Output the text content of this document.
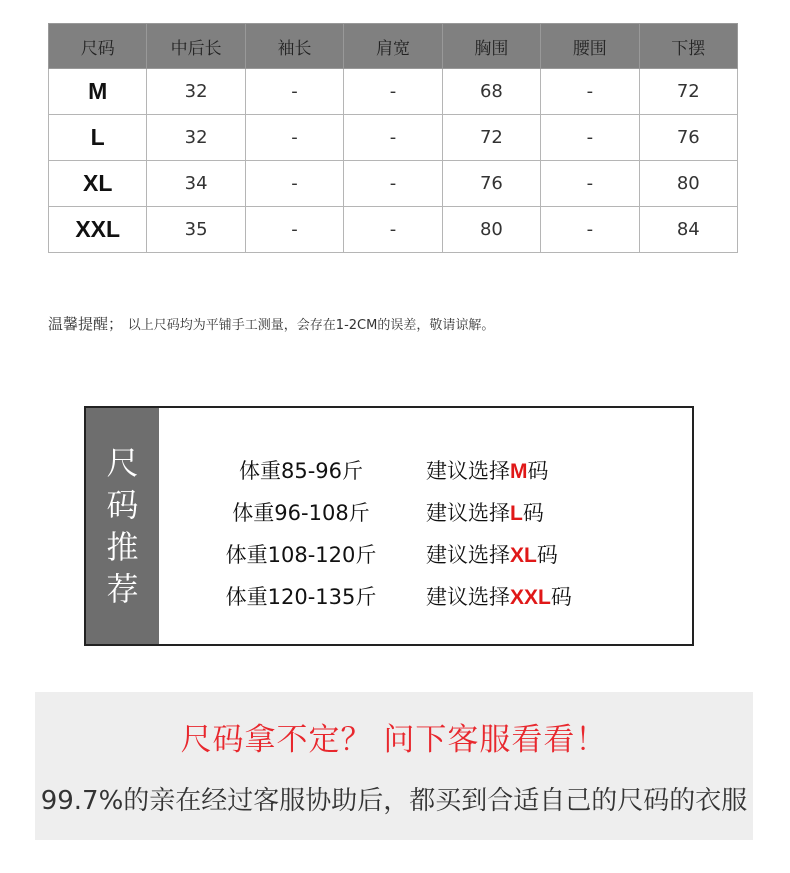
尺码	中后长	袖长	肩宽	胸围	腰围	下摆
M	32	-	-	68	-	72
L	32	-	-	72	-	76
XL	34	-	-	76	-	80
XXL	35	-	-	80	-	84
温馨提醒； 以上尺码均为平铺手工测量，会存在1-2CM的误差，敬请谅解。
尺码推荐
体重85-96斤	建议选择M码
体重96-108斤	建议选择L码
体重108-120斤	建议选择XL码
体重120-135斤	建议选择XXL码
尺码拿不定？ 问下客服看看！
99.7%的亲在经过客服协助后，都买到合适自己的尺码的衣服
